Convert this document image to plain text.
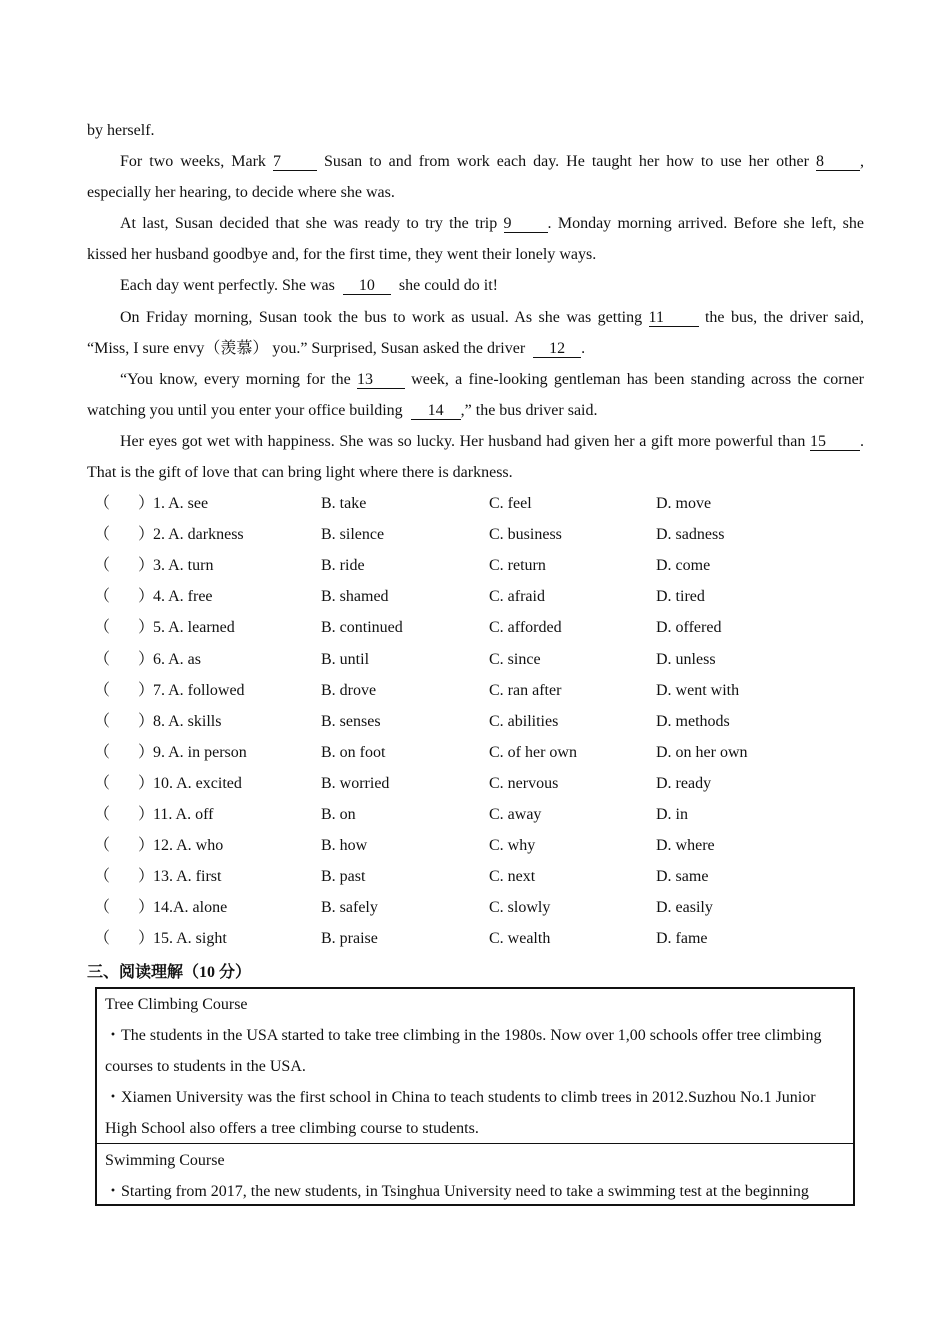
by herself.
For two weeks, Mark 7	Susan to and from work each day. He taught her how to use her other 8 ,
especially her hearing, to decide where she was.
At last, Susan decided that she was ready to try the trip 9 . Monday morning arrived. Before she left, she
kissed her husband goodbye and, for the first time, they went their lonely ways.
Each day went perfectly. She was 10 she could do it!
On Friday morning, Susan took the bus to work as usual. As she was getting 11	the bus, the driver said,
“Miss, I sure envy（羡慕） you.” Surprised, Susan asked the driver 12 .
“You know, every morning for the 13 week, a fine-looking gentleman has been standing across the corner
watching you until you enter your office building 14 ,” the bus driver said.
Her eyes got wet with happiness. She was so lucky. Her husband had given her a gift more powerful than 15 .
That is the gift of love that can bring light where there is darkness.
（ ）
1. A. see	B. take	C. feel	D. move
（ ）
2. A. darkness	B. silence	C. business	D. sadness
（ ）
3. A. turn	B. ride	C. return	D. come
（ ）
4. A. free	B. shamed	C. afraid	D. tired
（ ）
5. A. learned	B. continued	C. afforded	D. offered
（ ）
6. A. as	B. until	C. since	D. unless
（ ）
7. A. followed	B. drove	C. ran after	D. went with
（ ）
8. A. skills	B. senses	C. abilities	D. methods
（ ）
9. A. in person	B. on foot	C. of her own	D. on her own
（ ）
10. A. excited	B. worried	C. nervous	D. ready
（ ）
11. A. off	B. on	C. away	D. in
（ ）
12. A. who	B. how	C. why	D. where
（ ）
13. A. first	B. past	C. next	D. same
（ ）
14.A. alone	B. safely	C. slowly	D. easily
（ ）
15. A. sight	B. praise	C. wealth	D. fame
三、阅读理解（10 分）
Tree Climbing Course
・The students in the USA started to take tree climbing in the 1980s. Now over 1,00 schools offer tree climbing
courses to students in the USA.
・Xiamen University was the first school in China to teach students to climb trees in 2012.Suzhou No.1 Junior
High School also offers a tree climbing course to students.
Swimming Course
・Starting from 2017, the new students, in Tsinghua University need to take a swimming test at the beginning
